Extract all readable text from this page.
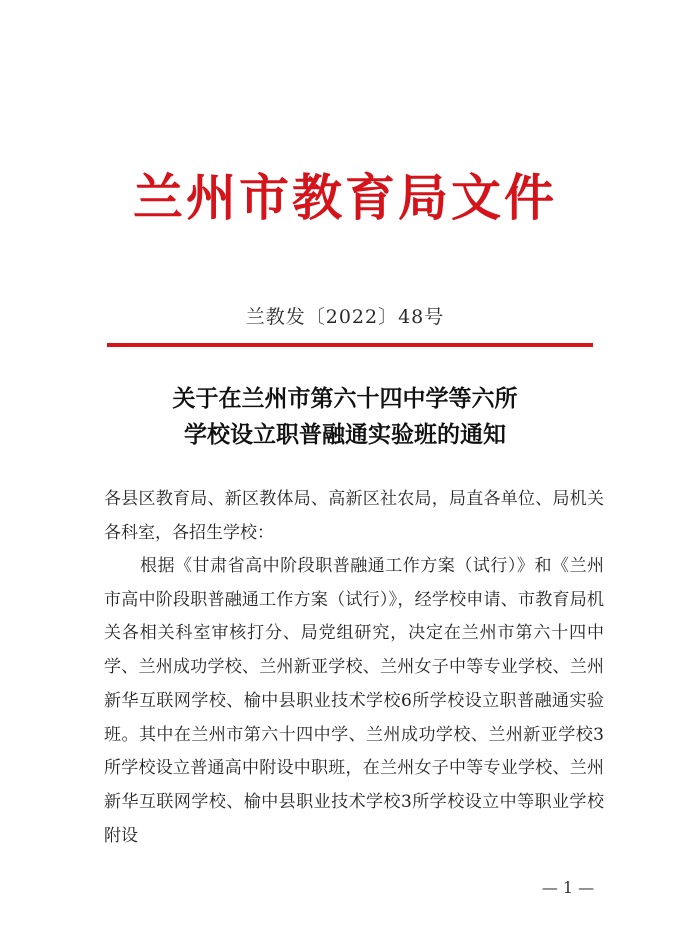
兰州市教育局文件
兰教发〔2022〕48号
关于在兰州市第六十四中学等六所
学校设立职普融通实验班的通知
各县区教育局、新区教体局、高新区社农局，局直各单位、局机关各科室，各招生学校：
根据《甘肃省高中阶段职普融通工作方案（试行）》和《兰州市高中阶段职普融通工作方案（试行）》，经学校申请、市教育局机关各相关科室审核打分、局党组研究，决定在兰州市第六十四中学、兰州成功学校、兰州新亚学校、兰州女子中等专业学校、兰州新华互联网学校、榆中县职业技术学校6所学校设立职普融通实验班。其中在兰州市第六十四中学、兰州成功学校、兰州新亚学校3所学校设立普通高中附设中职班，在兰州女子中等专业学校、兰州新华互联网学校、榆中县职业技术学校3所学校设立中等职业学校附设
— 1 —
